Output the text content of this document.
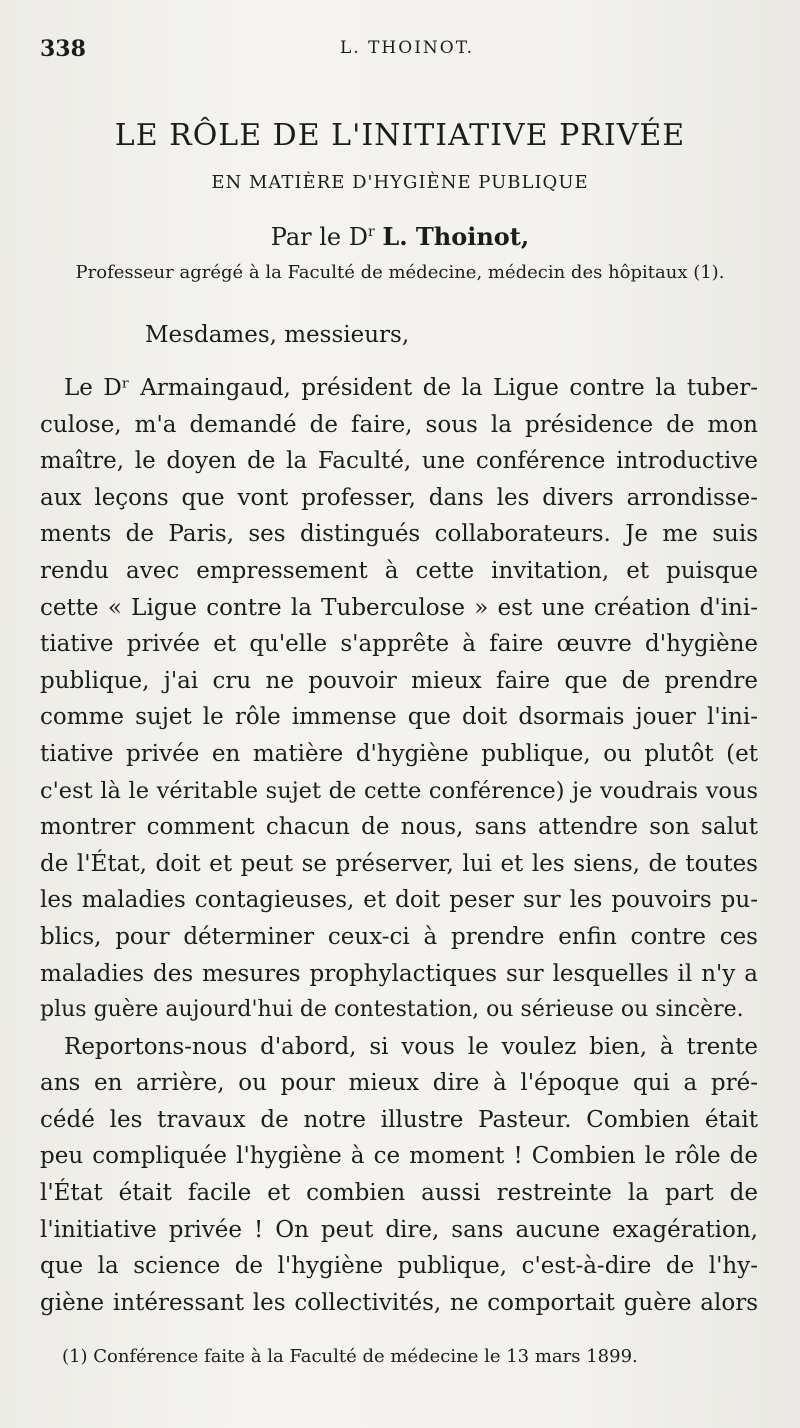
338	L. THOINOT.
LE RÔLE DE L'INITIATIVE PRIVÉE
EN MATIÈRE D'HYGIÈNE PUBLIQUE
Par le $D^r$ L. Thoinot,
Professeur agrégé à la Faculté de médecine, médecin des hôpitaux (1).
Mesdames, messieurs,
Le Dʳ Armaingaud, président de la Ligue contre la tuber-
culose, m'a demandé de faire, sous la présidence de mon
maître, le doyen de la Faculté, une conférence introductive
aux leçons que vont professer, dans les divers arrondisse-
ments de Paris, ses distingués collaborateurs. Je me suis
rendu avec empressement à cette invitation, et puisque
cette « Ligue contre la Tuberculose » est une création d'ini-
tiative privée et qu'elle s'apprête à faire œuvre d'hygiène
publique, j'ai cru ne pouvoir mieux faire que de prendre
comme sujet le rôle immense que doit dsormais jouer l'ini-
tiative privée en matière d'hygiène publique, ou plutôt (et
c'est là le véritable sujet de cette conférence) je voudrais vous
montrer comment chacun de nous, sans attendre son salut
de l'État, doit et peut se préserver, lui et les siens, de toutes
les maladies contagieuses, et doit peser sur les pouvoirs pu-
blics, pour déterminer ceux-ci à prendre enfin contre ces
maladies des mesures prophylactiques sur lesquelles il n'y a
plus guère aujourd'hui de contestation, ou sérieuse ou sincère.
Reportons-nous d'abord, si vous le voulez bien, à trente
ans en arrière, ou pour mieux dire à l'époque qui a pré-
cédé les travaux de notre illustre Pasteur. Combien était
peu compliquée l'hygiène à ce moment ! Combien le rôle de
l'État était facile et combien aussi restreinte la part de
l'initiative privée ! On peut dire, sans aucune exagération,
que la science de l'hygiène publique, c'est-à-dire de l'hy-
giène intéressant les collectivités, ne comportait guère alors
(1) Conférence faite à la Faculté de médecine le 13 mars 1899.
